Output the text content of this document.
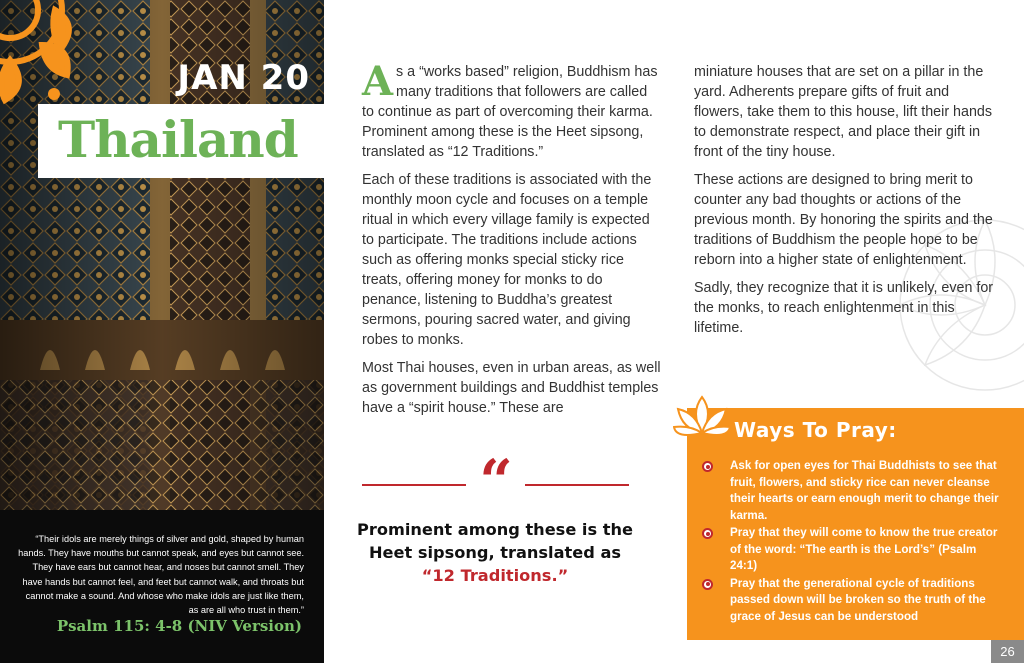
JAN 20
Thailand
“Their idols are merely things of silver and gold, shaped by human hands. They have mouths but cannot speak, and eyes but cannot see. They have ears but cannot hear, and noses but cannot smell. They have hands but cannot feel, and feet but cannot walk, and throats but cannot make a sound. And whose who make idols are just like them, as are all who trust in them.”
Psalm 115: 4-8 (NIV Version)

As a “works based” religion, Buddhism has many traditions that followers are called to continue as part of overcoming their karma. Prominent among these is the Heet sipsong, translated as “12 Traditions.”

Each of these traditions is associated with the monthly moon cycle and focuses on a temple ritual in which every village family is expected to participate. The traditions include actions such as offering monks special sticky rice treats, offering money for monks to do penance, listening to Buddha’s greatest sermons, pouring sacred water, and giving robes to monks.

Most Thai houses, even in urban areas, as well as government buildings and Buddhist temples have a “spirit house.” These are

miniature houses that are set on a pillar in the yard. Adherents prepare gifts of fruit and flowers, take them to this house, lift their hands to demonstrate respect, and place their gift in front of the tiny house.

These actions are designed to bring merit to counter any bad thoughts or actions of the previous month. By honoring the spirits and the traditions of Buddhism the people hope to be reborn into a higher state of enlightenment.

Sadly, they recognize that it is unlikely, even for the monks, to reach enlightenment in this lifetime.

“
Prominent among these is the Heet sipsong, translated as
“12 Traditions.”
Ways To Pray:
Ask for open eyes for Thai Buddhists to see that fruit, flowers, and sticky rice can never cleanse their hearts or earn enough merit to change their karma.
Pray that they will come to know the true creator of the word: “The earth is the Lord’s” (Psalm 24:1)
Pray that the generational cycle of traditions passed down will be broken so the truth of the grace of Jesus can be understood
26
